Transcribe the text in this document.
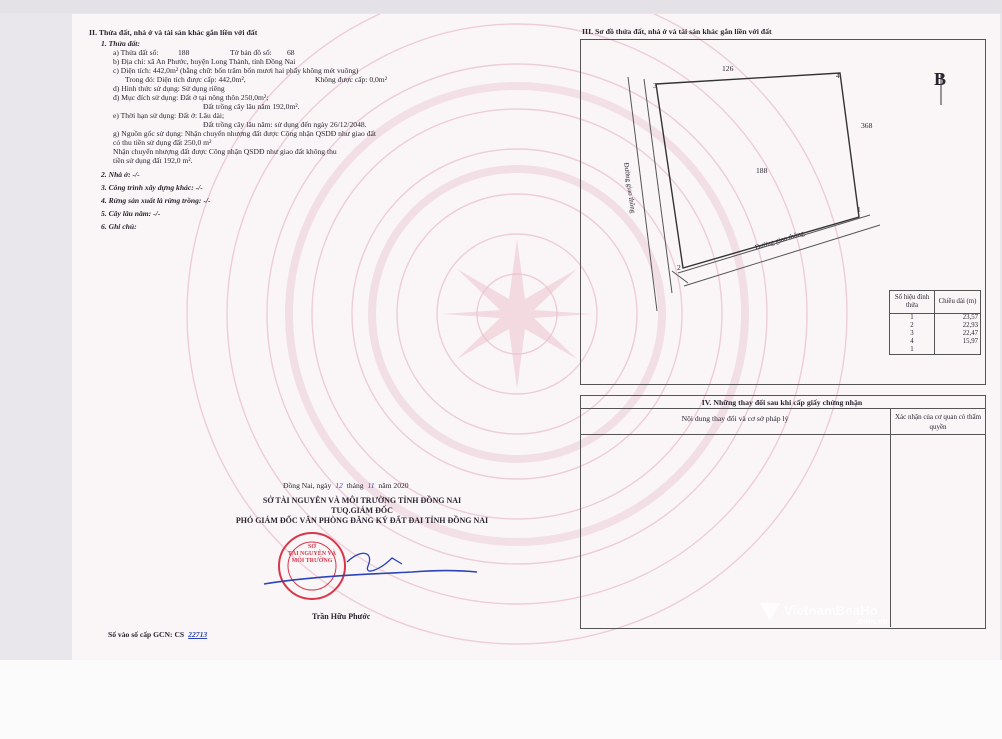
II. Thửa đất, nhà ở và tài sản khác gắn liền với đất
1. Thửa đất:
a) Thửa đất số:	188	Tờ bản đồ số: 68
b) Địa chỉ: xã An Phước, huyện Long Thành, tỉnh Đồng Nai
c) Diện tích: 442,0m² (bằng chữ: bốn trăm bốn mươi hai phẩy không mét vuông)
Trong đó: Diện tích được cấp: 442,0m²,	Không được cấp: 0,0m²
d) Hình thức sử dụng: Sử dụng riêng
đ) Mục đích sử dụng: Đất ở tại nông thôn 250,0m²;
Đất trồng cây lâu năm 192,0m².
e) Thời hạn sử dụng: Đất ở: Lâu dài;
Đất trồng cây lâu năm: sử dụng đến ngày 26/12/2048.
g) Nguồn gốc sử dụng: Nhận chuyển nhượng đất được Công nhận QSDĐ như giao đất
có thu tiền sử dụng đất 250,0 m²
Nhận chuyển nhượng đất được Công nhận QSDĐ như giao đất không thu
tiền sử dụng đất 192,0 m².
2. Nhà ở: -/-
3. Công trình xây dựng khác: -/-
4. Rừng sản xuất là rừng trồng: -/-
5. Cây lâu năm: -/-
6. Ghi chú:
Đồng Nai, ngày 12 tháng 11 năm 2020
SỞ TÀI NGUYÊN VÀ MÔI TRƯỜNG TỈNH ĐỒNG NAI
TUQ.GIÁM ĐỐC
PHÓ GIÁM ĐỐC VĂN PHÒNG ĐĂNG KÝ ĐẤT ĐAI TỈNH ĐỒNG NAI
SỞ
TÀI NGUYÊN VÀ
MÔI TRƯỜNG
Trần Hữu Phước
Số vào số cấp GCN: CS 22713
III. Sơ đồ thửa đất, nhà ở và tài sản khác gắn liền với đất
126
368
188
3
4
1
2
Đường giao thông
Đường giao thông
B
Số hiệu đỉnh thửa	Chiều dài (m)
1	23,57
2	22,93
3	22,47
4	15,97
1	
IV. Những thay đổi sau khi cấp giấy chứng nhận
Nội dung thay đổi và cơ sở pháp lý	Xác nhận của cơ quan có thẩm quyền
VietnamBeaHo
.com.vn
